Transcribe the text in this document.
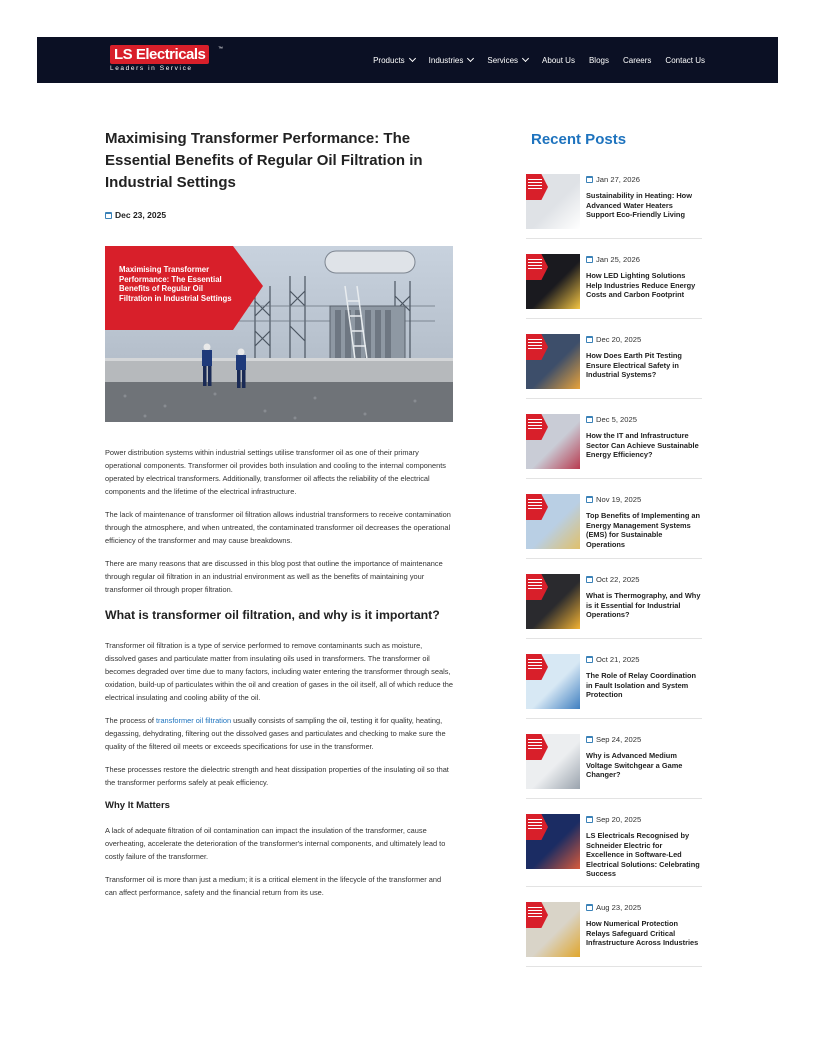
LS Electricals	™
Leaders in Service
Products	Industries	Services	About Us Blogs Careers Contact Us
Maximising Transformer Performance: The Essential Benefits of Regular Oil Filtration in Industrial Settings
Dec 23, 2025
Maximising Transformer Performance: The Essential Benefits of Regular Oil Filtration in Industrial Settings

Power distribution systems within industrial settings utilise transformer oil as one of their primary operational components. Transformer oil provides both insulation and cooling to the internal components operated by electrical transformers. Additionally, transformer oil affects the reliability of the electrical components and the lifetime of the electrical infrastructure.

The lack of maintenance of transformer oil filtration allows industrial transformers to receive contamination through the atmosphere, and when untreated, the contaminated transformer oil decreases the operational efficiency of the transformer and may cause breakdowns.

There are many reasons that are discussed in this blog post that outline the importance of maintenance through regular oil filtration in an industrial environment as well as the benefits of maintaining your transformer oil through proper filtration.

What is transformer oil filtration, and why is it important?

Transformer oil filtration is a type of service performed to remove contaminants such as moisture, dissolved gases and particulate matter from insulating oils used in transformers. The transformer oil becomes degraded over time due to many factors, including water entering the transformer through seals, oxidation, build-up of particulates within the oil and creation of gases in the oil itself, all of which reduce the electrical insulating and cooling ability of the oil.

The process of transformer oil filtration usually consists of sampling the oil, testing it for quality, heating, degassing, dehydrating, filtering out the dissolved gases and particulates and checking to make sure the quality of the filtered oil meets or exceeds specifications for use in the transformer.

These processes restore the dielectric strength and heat dissipation properties of the insulating oil so that the transformer performs safely at peak efficiency.

Why It Matters

A lack of adequate filtration of oil contamination can impact the insulation of the transformer, cause overheating, accelerate the deterioration of the transformer's internal components, and ultimately lead to costly failure of the transformer.

Transformer oil is more than just a medium; it is a critical element in the lifecycle of the transformer and can affect performance, safety and the financial return from its use.

Recent Posts
Jan 27, 2026
Sustainability in Heating: How Advanced Water Heaters Support Eco-Friendly Living
Jan 25, 2026
How LED Lighting Solutions Help Industries Reduce Energy Costs and Carbon Footprint
Dec 20, 2025
How Does Earth Pit Testing Ensure Electrical Safety in Industrial Systems?
Dec 5, 2025
How the IT and Infrastructure Sector Can Achieve Sustainable Energy Efficiency?
Nov 19, 2025
Top Benefits of Implementing an Energy Management Systems (EMS) for Sustainable Operations
Oct 22, 2025
What is Thermography, and Why is it Essential for Industrial Operations?
Oct 21, 2025
The Role of Relay Coordination in Fault Isolation and System Protection
Sep 24, 2025
Why is Advanced Medium Voltage Switchgear a Game Changer?
Sep 20, 2025
LS Electricals Recognised by Schneider Electric for Excellence in Software-Led Electrical Solutions: Celebrating Success
Aug 23, 2025
How Numerical Protection Relays Safeguard Critical Infrastructure Across Industries
